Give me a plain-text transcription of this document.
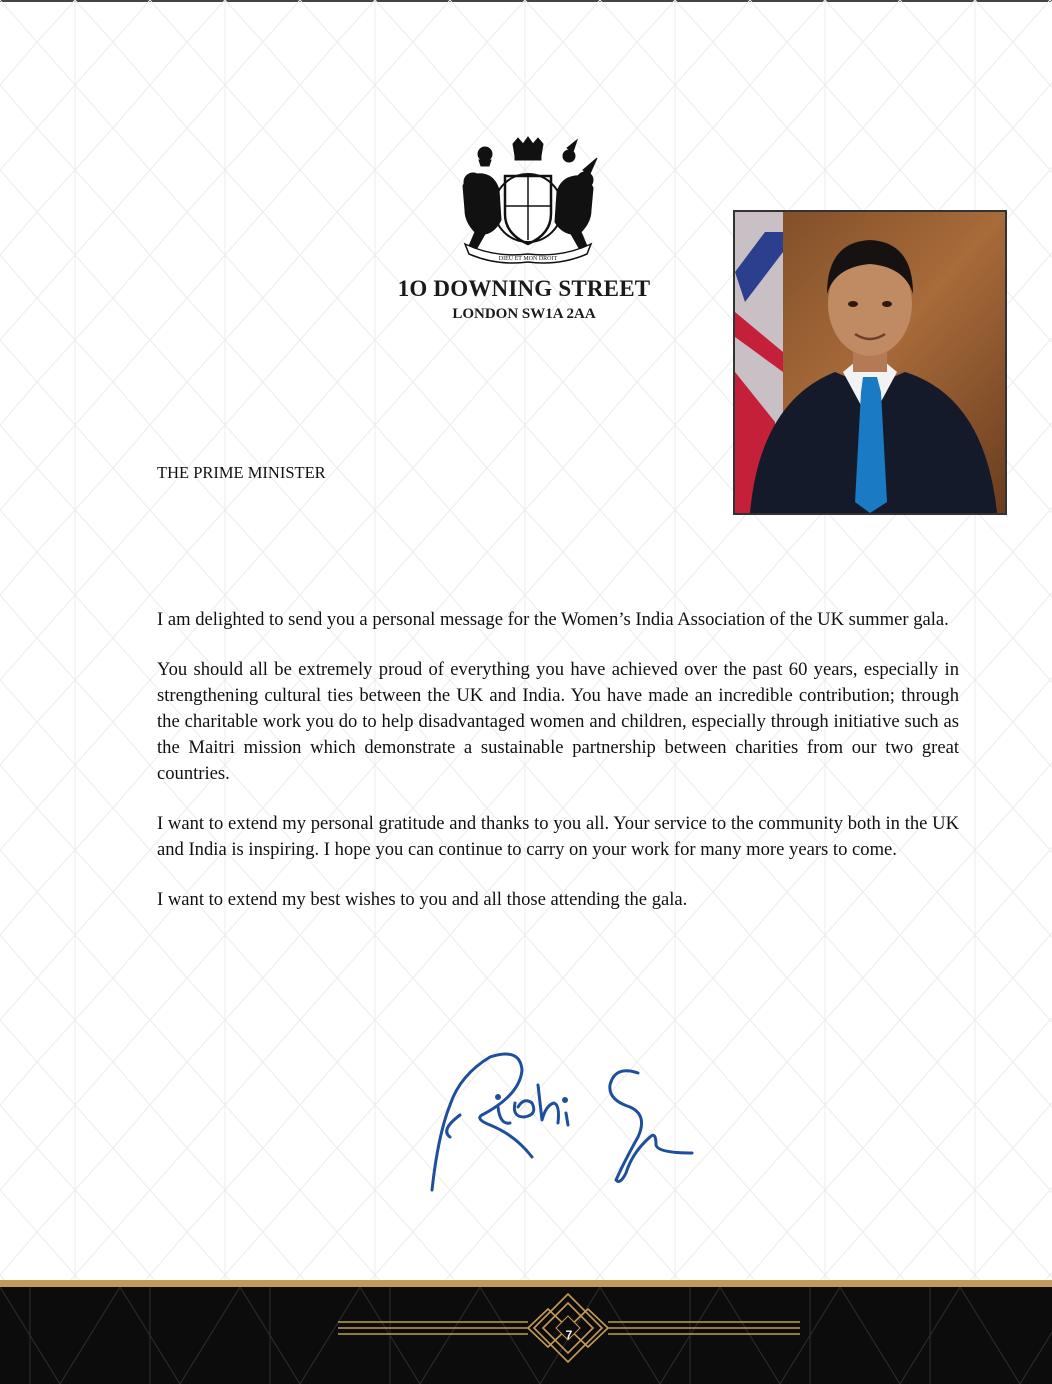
DIEU ET MON DROIT
1O DOWNING STREET
LONDON SW1A 2AA
THE PRIME MINISTER

I am delighted to send you a personal message for the Women’s India Association of the UK summer gala.

You should all be extremely proud of everything you have achieved over the past 60 years, especially in strengthening cultural ties between the UK and India. You have made an incredible contribution; through the charitable work you do to help disadvantaged women and children, especially through initiative such as the Maitri mission which demonstrate a sustainable partnership between charities from our two great countries.

I want to extend my personal gratitude and thanks to you all. Your service to the community both in the UK and India is inspiring. I hope you can continue to carry on your work for many more years to come.

I want to extend my best wishes to you and all those attending the gala.

7
